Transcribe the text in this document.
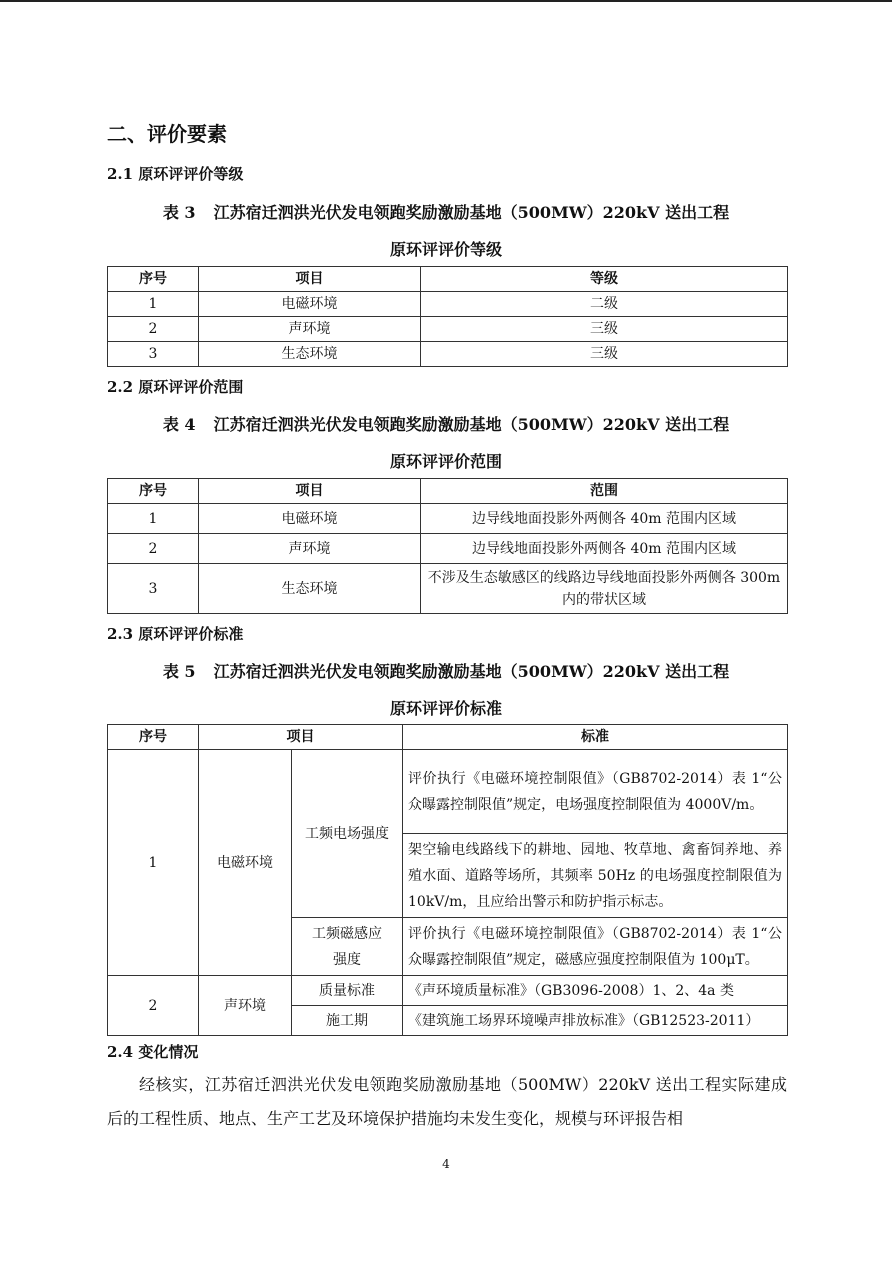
二、评价要素
2.1 原环评评价等级
表 3 江苏宿迁泗洪光伏发电领跑奖励激励基地（500MW）220kV 送出工程
原环评评价等级
序号	项目	等级
1	电磁环境	二级
2	声环境	三级
3	生态环境	三级
2.2 原环评评价范围
表 4 江苏宿迁泗洪光伏发电领跑奖励激励基地（500MW）220kV 送出工程
原环评评价范围
序号	项目	范围
1	电磁环境	边导线地面投影外两侧各 40m 范围内区域
2	声环境	边导线地面投影外两侧各 40m 范围内区域
3	生态环境	不涉及生态敏感区的线路边导线地面投影外两侧各 300m 内的带状区域
2.3 原环评评价标准
表 5 江苏宿迁泗洪光伏发电领跑奖励激励基地（500MW）220kV 送出工程
原环评评价标准
序号	项目		标准
1	电磁环境	工频电场强度	评价执行《电磁环境控制限值》（GB8702-2014）表 1“公众曝露控制限值”规定，电场强度控制限值为 4000V/m。
			架空输电线路线下的耕地、园地、牧草地、禽畜饲养地、养殖水面、道路等场所，其频率 50Hz 的电场强度控制限值为 10kV/m，且应给出警示和防护指示标志。
		工频磁感应强度	评价执行《电磁环境控制限值》（GB8702-2014）表 1“公众曝露控制限值”规定，磁感应强度控制限值为 100μT。
2	声环境	质量标准	《声环境质量标准》（GB3096-2008）1、2、4a 类
		施工期	《建筑施工场界环境噪声排放标准》（GB12523-2011）
2.4 变化情况
经核实，江苏宿迁泗洪光伏发电领跑奖励激励基地（500MW）220kV 送出工程实际建成后的工程性质、地点、生产工艺及环境保护措施均未发生变化，规模与环评报告相
4
